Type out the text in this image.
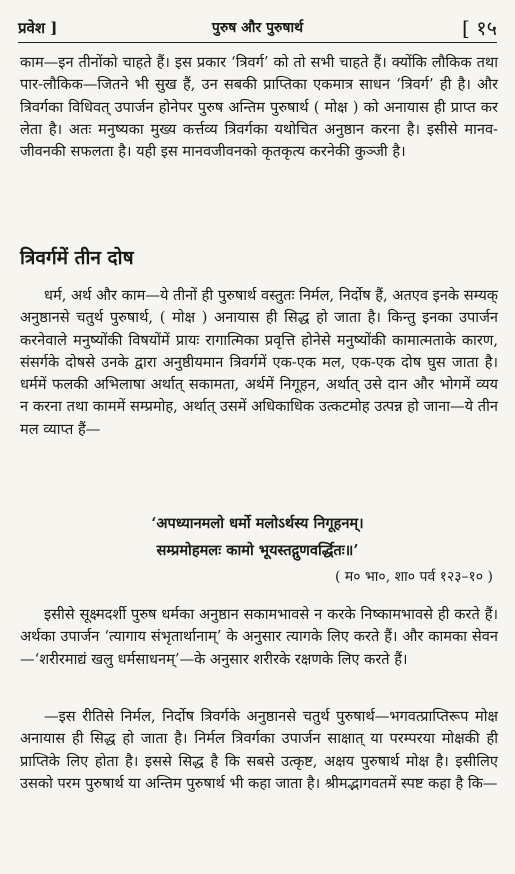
प्रवेश ]	पुरुष और पुरुषार्थ	[ १५
काम—इन तीनोंको चाहते हैं। इस प्रकार ‘त्रिवर्ग’ को तो सभी चाहते हैं। क्योंकि लौकिक तथा पार-लौकिक—जितने भी सुख हैं, उन सबकी प्राप्तिका एकमात्र साधन ‘त्रिवर्ग’ ही है। और त्रिवर्गका विधिवत् उपार्जन होनेपर पुरुष अन्तिम पुरुषार्थ ( मोक्ष ) को अनायास ही प्राप्त कर लेता है। अतः मनुष्यका मुख्य कर्त्तव्य त्रिवर्गका यथोचित अनुष्ठान करना है। इसीसे मानव-जीवनकी सफलता है। यही इस मानवजीवनको कृतकृत्य करनेकी कुञ्जी है।
त्रिवर्गमें तीन दोष
धर्म, अर्थ और काम—ये तीनों ही पुरुषार्थ वस्तुतः निर्मल, निर्दोष हैं, अतएव इनके सम्यक् अनुष्ठानसे चतुर्थ पुरुषार्थ, ( मोक्ष ) अनायास ही सिद्ध हो जाता है। किन्तु इनका उपार्जन करनेवाले मनुष्योंकी विषयोंमें प्रायः रागात्मिका प्रवृत्ति होनेसे मनुष्योंकी कामात्मताके कारण, संसर्गके दोषसे उनके द्वारा अनुष्ठीयमान त्रिवर्गमें एक-एक मल, एक-एक दोष घुस जाता है। धर्ममें फलकी अभिलाषा अर्थात् सकामता, अर्थमें निगूहन, अर्थात् उसे दान और भोगमें व्यय न करना तथा काममें सम्प्रमोह, अर्थात् उसमें अधिकाधिक उत्कटमोह उत्पन्न हो जाना—ये तीन मल व्याप्त हैं—
‘अपध्यानमलो धर्मो मलोऽर्थस्य निगूहनम्।
सम्प्रमोहमलः कामो भूयस्तद्गुणवर्द्धितः॥’
( म० भा०, शा० पर्व १२३–१० )
इसीसे सूक्ष्मदर्शी पुरुष धर्मका अनुष्ठान सकामभावसे न करके निष्कामभावसे ही करते हैं। अर्थका उपार्जन ‘त्यागाय संभृतार्थानाम्’ के अनुसार त्यागके लिए करते हैं। और कामका सेवन—‘शरीरमाद्यं खलु धर्मसाधनम्’—के अनुसार शरीरके रक्षणके लिए करते हैं।
—इस रीतिसे निर्मल, निर्दोष त्रिवर्गके अनुष्ठानसे चतुर्थ पुरुषार्थ—भगवत्प्राप्तिरूप मोक्ष अनायास ही सिद्ध हो जाता है। निर्मल त्रिवर्गका उपार्जन साक्षात् या परम्परया मोक्षकी ही प्राप्तिके लिए होता है। इससे सिद्ध है कि सबसे उत्कृष्ट, अक्षय पुरुषार्थ मोक्ष है। इसीलिए उसको परम पुरुषार्थ या अन्तिम पुरुषार्थ भी कहा जाता है। श्रीमद्भागवतमें स्पष्ट कहा है कि—
